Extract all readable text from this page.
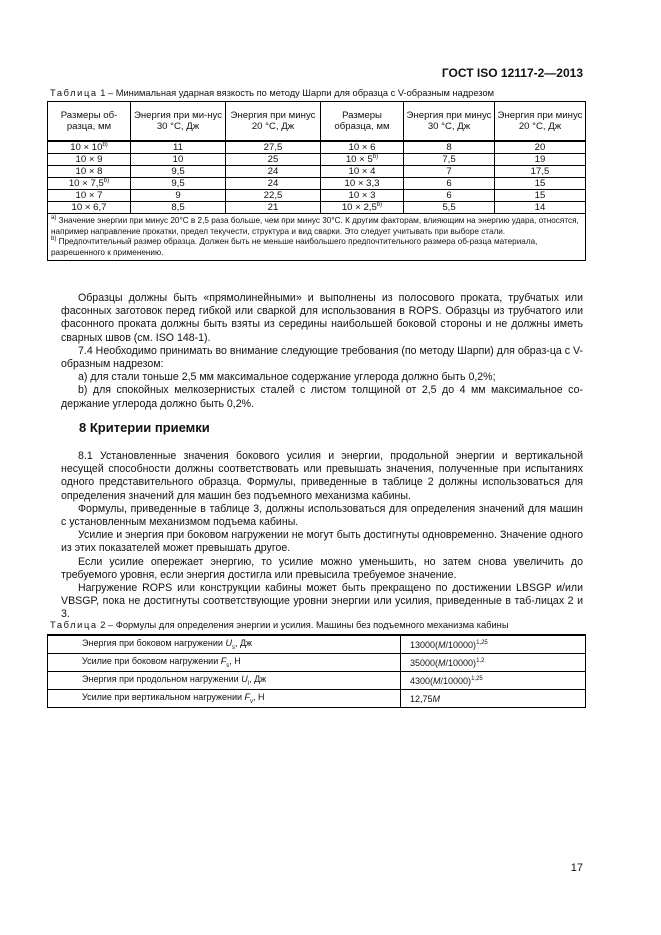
ГОСТ ISO 12117-2—2013
Таблица 1 – Минимальная ударная вязкость по методу Шарпи для образца с V-образным надрезом
Размеры об-разца, мм	Энергия при ми-нус 30 °С, Дж	Энергия при минус 20 °С, Дж	Размеры образца, мм	Энергия при минус 30 °С, Дж	Энергия при минус 20 °С, Дж
$10 \times 10^{b)}$	11	27,5	10 × 6	8	20
10 × 9	10	25	$10 \times 5^{b)}$	7,5	19
10 × 8	9,5	24	10 × 4	7	17,5
$10 \times 7,5^{b)}$	9,5	24	10 × 3,3	6	15
10 × 7	9	22,5	10 × 3	6	15
10 × 6,7	8,5	21	$10 \times 2,5^{b)}$	5,5	14

$^{а)}$ Значение энергии при минус 20°С в 2,5 раза больше, чем при минус 30°С. К другим факторам, влияющим на энергию удара, относятся, например направление прокатки, предел текучести, структура и вид сварки. Это следует учитывать при выборе стали.
$^{b)}$ Предпочтительный размер образца. Должен быть не меньше наибольшего предпочтительного размера об-разца материала, разрешенного к применению.					

Образцы должны быть «прямолинейными» и выполнены из полосового проката, трубчатых или фасонных заготовок перед гибкой или сваркой для использования в ROPS. Образцы из трубчатого или фасонного проката должны быть взяты из середины наибольшей боковой стороны и не должны иметь сварных швов (см. ISO 148-1).

7.4 Необходимо принимать во внимание следующие требования (по методу Шарпи) для образ-ца с V-образным надрезом:

a) для стали тоньше 2,5 мм максимальное содержание углерода должно быть 0,2%;

b) для спокойных мелкозернистых сталей с листом толщиной от 2,5 до 4 мм максимальное со-держание углерода должно быть 0,2%.

8 Критерии приемки

8.1 Установленные значения бокового усилия и энергии, продольной энергии и вертикальной несущей способности должны соответствовать или превышать значения, полученные при испытаниях одного представительного образца. Формулы, приведенные в таблице 2 должны использоваться для определения значений для машин без подъемного механизма кабины.

Формулы, приведенные в таблице 3, должны использоваться для определения значений для машин с установленным механизмом подъема кабины.

Усилие и энергия при боковом нагружении не могут быть достигнуты одновременно. Значение одного из этих показателей может превышать другое.

Если усилие опережает энергию, то усилие можно уменьшить, но затем снова увеличить до требуемого уровня, если энергия достигла или превысила требуемое значение.

Нагружение ROPS или конструкции кабины может быть прекращено по достижении LBSGP и/или VBSGP, пока не достигнуты соответствующие уровни энергии или усилия, приведенные в таб-лицах 2 и 3.

Таблица 2 – Формулы для определения энергии и усилия. Машины без подъемного механизма кабины
Энергия при боковом нагружении $U_s$, Дж	$13000(M/10000)^{1,25}$
Усилие при боковом нагружении $F_s$, Н	$35000(M/10000)^{1,2}$
Энергия при продольном нагружении $U_l$, Дж	$4300(M/10000)^{1,25}$
Усилие при вертикальном нагружении $F_v$, Н	12,75M
17
